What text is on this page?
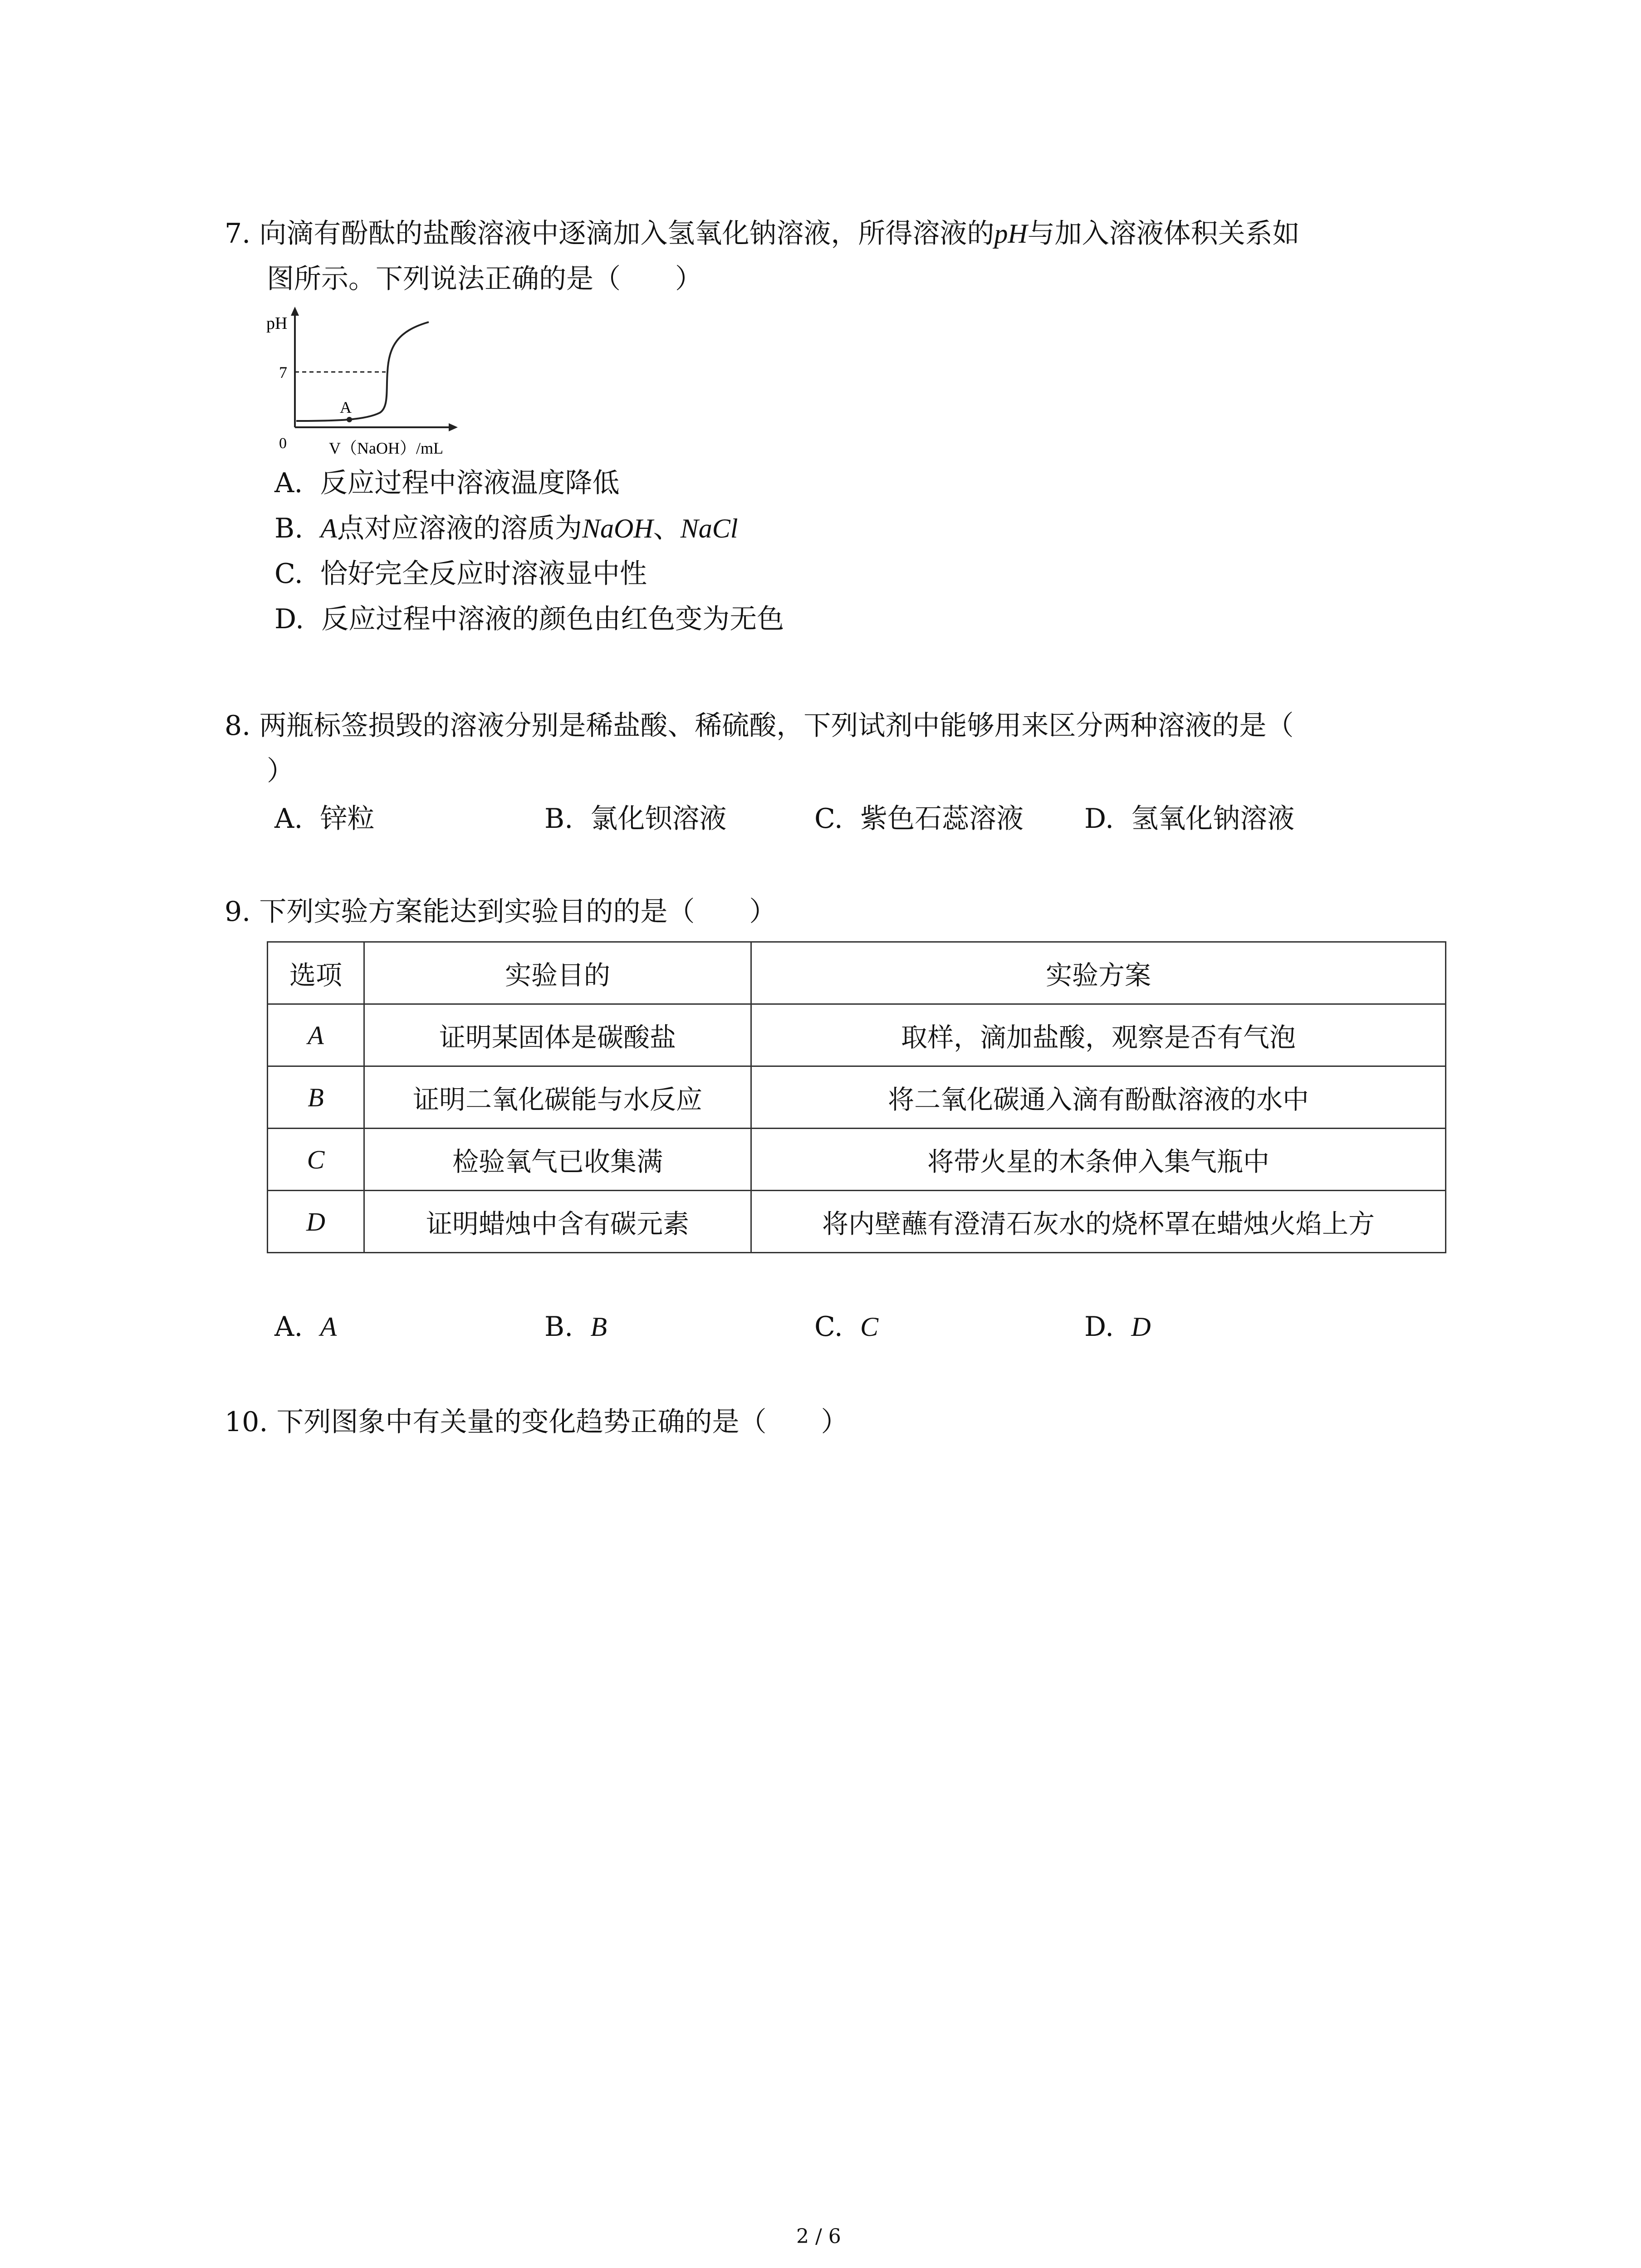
7. 向滴有酚酞的盐酸溶液中逐滴加入氢氧化钠溶液，所得溶液的pH与加入溶液体积关系如
图所示。下列说法正确的是（　　）
pH
7
0
A
V（NaOH）/mL
A. 反应过程中溶液温度降低
B. A点对应溶液的溶质为NaOH、NaCl
C. 恰好完全反应时溶液显中性
D. 反应过程中溶液的颜色由红色变为无色
8. 两瓶标签损毁的溶液分别是稀盐酸、稀硫酸，下列试剂中能够用来区分两种溶液的是（
）
A. 锌粒	B. 氯化钡溶液	C. 紫色石蕊溶液 D. 氢氧化钠溶液
9. 下列实验方案能达到实验目的的是（　　）
选项	实验目的	实验方案
A	证明某固体是碳酸盐	取样，滴加盐酸，观察是否有气泡
B	证明二氧化碳能与水反应	将二氧化碳通入滴有酚酞溶液的水中
C	检验氧气已收集满	将带火星的木条伸入集气瓶中
D	证明蜡烛中含有碳元素	将内壁蘸有澄清石灰水的烧杯罩在蜡烛火焰上方
A. A	B. B	C. C	D. D
10. 下列图象中有关量的变化趋势正确的是（　　）
2 / 6
